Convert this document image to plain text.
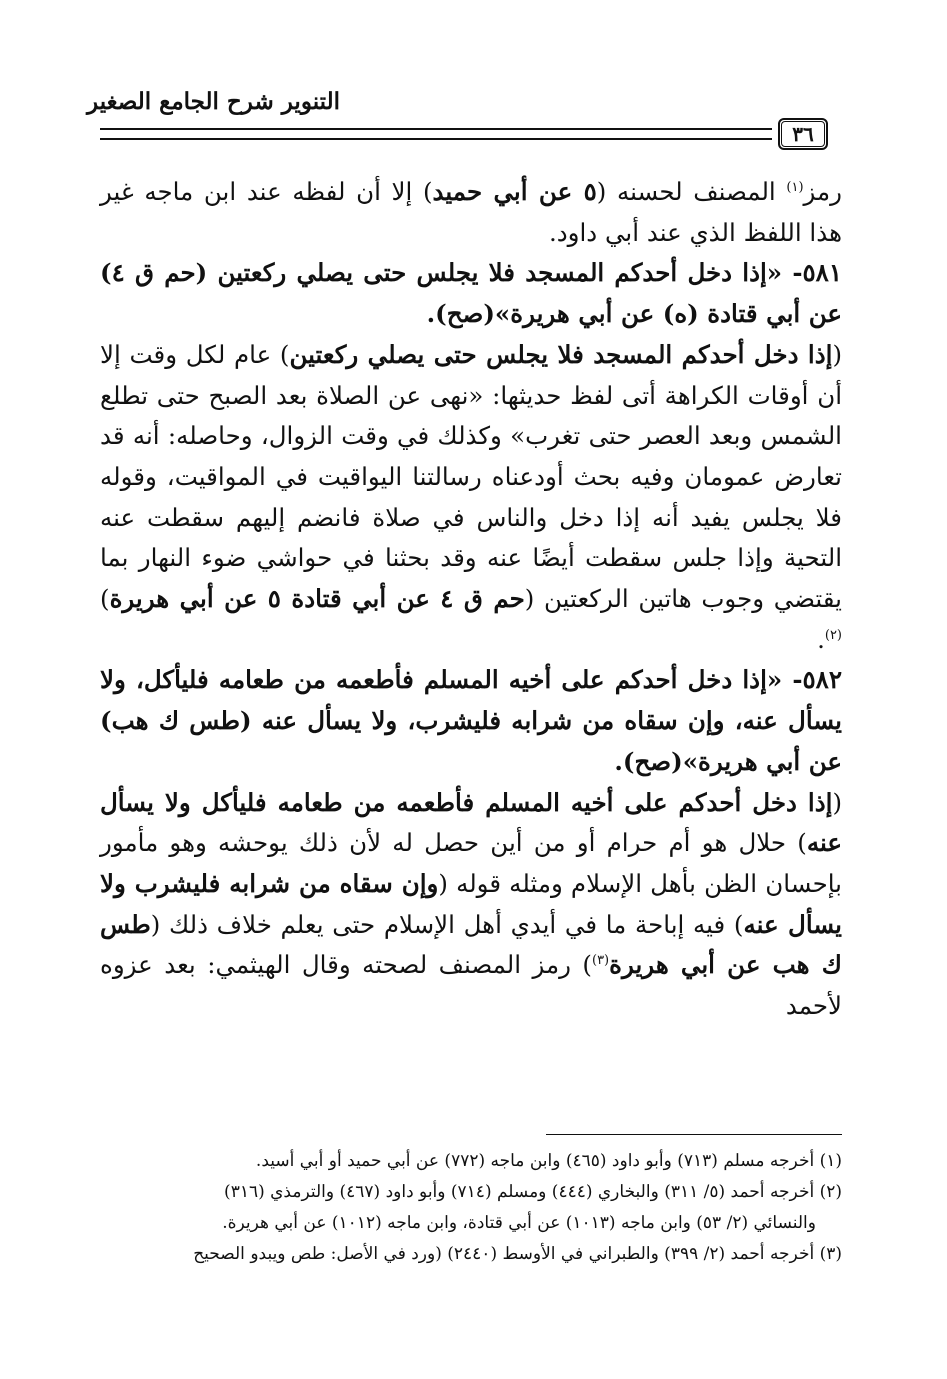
التنوير شرح الجامع الصغير
٣٦

رمز$^{(١)}$ المصنف لحسنه (٥ عن أبي حميد) إلا أن لفظه عند ابن ماجه غير هذا اللفظ الذي عند أبي داود.

٥٨١- «إذا دخل أحدكم المسجد فلا يجلس حتى يصلي ركعتين (حم ق ٤) عن أبي قتادة (ه) عن أبي هريرة»(صح).

(إذا دخل أحدكم المسجد فلا يجلس حتى يصلي ركعتين) عام لكل وقت إلا أن أوقات الكراهة أتى لفظ حديثها: «نهى عن الصلاة بعد الصبح حتى تطلع الشمس وبعد العصر حتى تغرب» وكذلك في وقت الزوال، وحاصله: أنه قد تعارض عمومان وفيه بحث أودعناه رسالتنا اليواقيت في المواقيت، وقوله فلا يجلس يفيد أنه إذا دخل والناس في صلاة فانضم إليهم سقطت عنه التحية وإذا جلس سقطت أيضًا عنه وقد بحثنا في حواشي ضوء النهار بما يقتضي وجوب هاتين الركعتين (حم ق ٤ عن أبي قتادة ٥ عن أبي هريرة)$^{(٢)}$.

٥٨٢- «إذا دخل أحدكم على أخيه المسلم فأطعمه من طعامه فليأكل، ولا يسأل عنه، وإن سقاه من شرابه فليشرب، ولا يسأل عنه (طس ك هب) عن أبي هريرة»(صح).

(إذا دخل أحدكم على أخيه المسلم فأطعمه من طعامه فليأكل ولا يسأل عنه) حلال هو أم حرام أو من أين حصل له لأن ذلك يوحشه وهو مأمور بإحسان الظن بأهل الإسلام ومثله قوله (وإن سقاه من شرابه فليشرب ولا يسأل عنه) فيه إباحة ما في أيدي أهل الإسلام حتى يعلم خلاف ذلك (طس ك هب عن أبي هريرة$^{(٣)}$) رمز المصنف لصحته وقال الهيثمي: بعد عزوه لأحمد

(١) أخرجه مسلم (٧١٣) وأبو داود (٤٦٥) وابن ماجه (٧٧٢) عن أبي حميد أو أبي أسيد.

(٢) أخرجه أحمد (٥/ ٣١١) والبخاري (٤٤٤) ومسلم (٧١٤) وأبو داود (٤٦٧) والترمذي (٣١٦)

والنسائي (٢/ ٥٣) وابن ماجه (١٠١٣) عن أبي قتادة، وابن ماجه (١٠١٢) عن أبي هريرة.

(٣) أخرجه أحمد (٢/ ٣٩٩) والطبراني في الأوسط (٢٤٤٠) (ورد في الأصل: طص ويبدو الصحيح
